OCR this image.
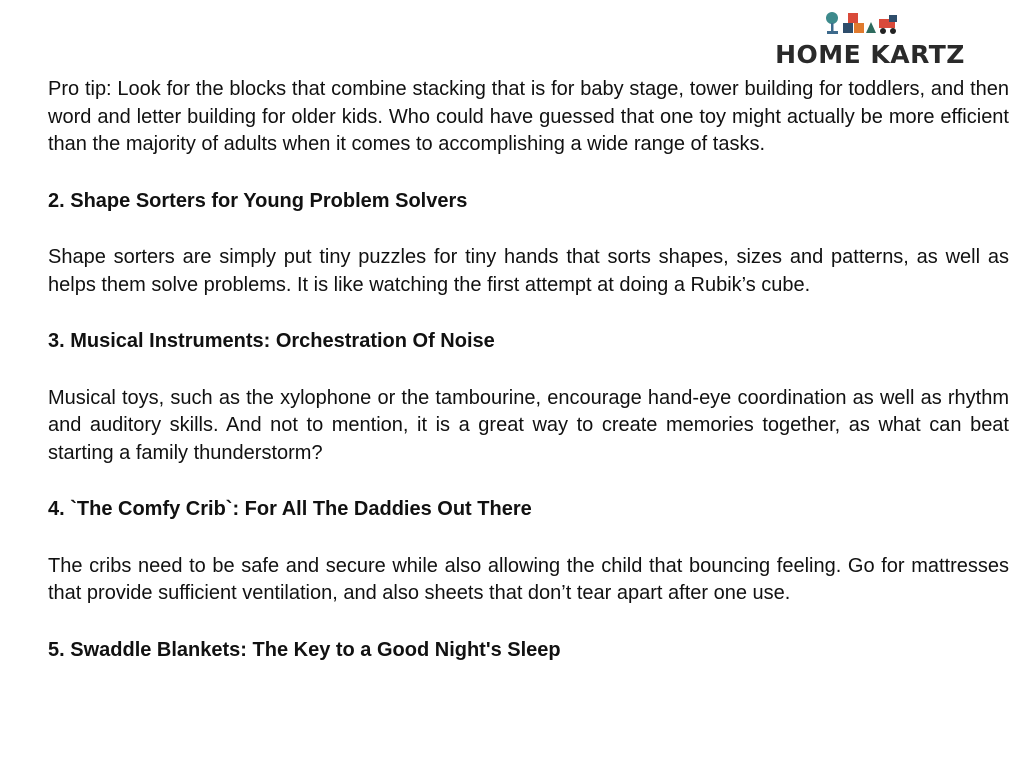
HOME KARTZ

Pro tip: Look for the blocks that combine stacking that is for baby stage, tower building for toddlers, and then word and letter building for older kids. Who could have guessed that one toy might actually be more efficient than the majority of adults when it comes to accomplishing a wide range of tasks.

2. Shape Sorters for Young Problem Solvers

Shape sorters are simply put tiny puzzles for tiny hands that sorts shapes, sizes and patterns, as well as helps them solve problems. It is like watching the first attempt at doing a Rubik’s cube.

3. Musical Instruments: Orchestration Of Noise

Musical toys, such as the xylophone or the tambourine, encourage hand-eye coordination as well as rhythm and auditory skills. And not to mention, it is a great way to create memories together, as what can beat starting a family thunderstorm?

4. `The Comfy Crib`: For All The Daddies Out There

The cribs need to be safe and secure while also allowing the child that bouncing feeling. Go for mattresses that provide sufficient ventilation, and also sheets that don’t tear apart after one use.

5. Swaddle Blankets: The Key to a Good Night's Sleep
